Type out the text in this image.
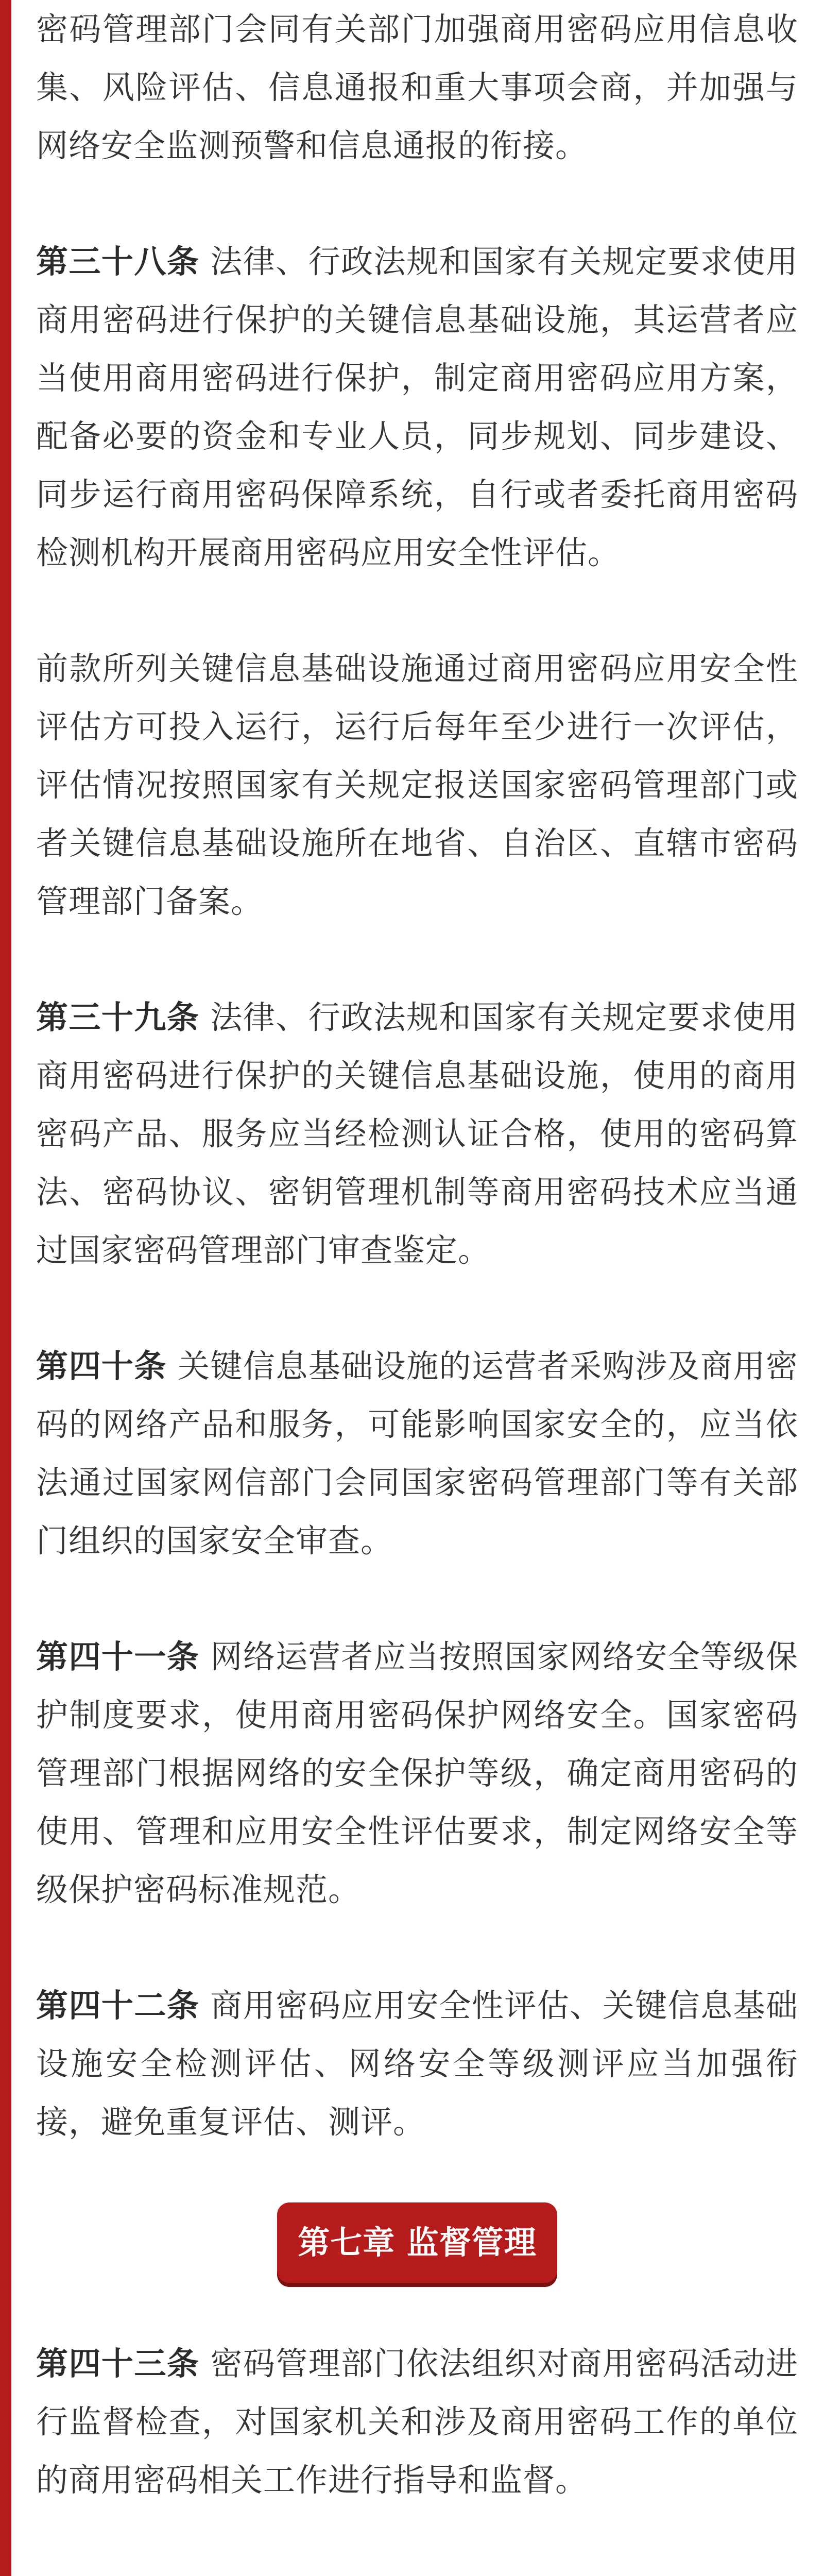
密码管理部门会同有关部门加强商用密码应用信息收集、风险评估、信息通报和重大事项会商，并加强与网络安全监测预警和信息通报的衔接。

第三十八条 法律、行政法规和国家有关规定要求使用商用密码进行保护的关键信息基础设施，其运营者应当使用商用密码进行保护，制定商用密码应用方案，配备必要的资金和专业人员，同步规划、同步建设、同步运行商用密码保障系统，自行或者委托商用密码检测机构开展商用密码应用安全性评估。

前款所列关键信息基础设施通过商用密码应用安全性评估方可投入运行，运行后每年至少进行一次评估，评估情况按照国家有关规定报送国家密码管理部门或者关键信息基础设施所在地省、自治区、直辖市密码管理部门备案。

第三十九条 法律、行政法规和国家有关规定要求使用商用密码进行保护的关键信息基础设施，使用的商用密码产品、服务应当经检测认证合格，使用的密码算法、密码协议、密钥管理机制等商用密码技术应当通过国家密码管理部门审查鉴定。

第四十条 关键信息基础设施的运营者采购涉及商用密码的网络产品和服务，可能影响国家安全的，应当依法通过国家网信部门会同国家密码管理部门等有关部门组织的国家安全审查。

第四十一条 网络运营者应当按照国家网络安全等级保护制度要求，使用商用密码保护网络安全。国家密码管理部门根据网络的安全保护等级，确定商用密码的使用、管理和应用安全性评估要求，制定网络安全等级保护密码标准规范。

第四十二条 商用密码应用安全性评估、关键信息基础设施安全检测评估、网络安全等级测评应当加强衔接，避免重复评估、测评。

第七章 监督管理

第四十三条 密码管理部门依法组织对商用密码活动进行监督检查，对国家机关和涉及商用密码工作的单位的商用密码相关工作进行指导和监督。
